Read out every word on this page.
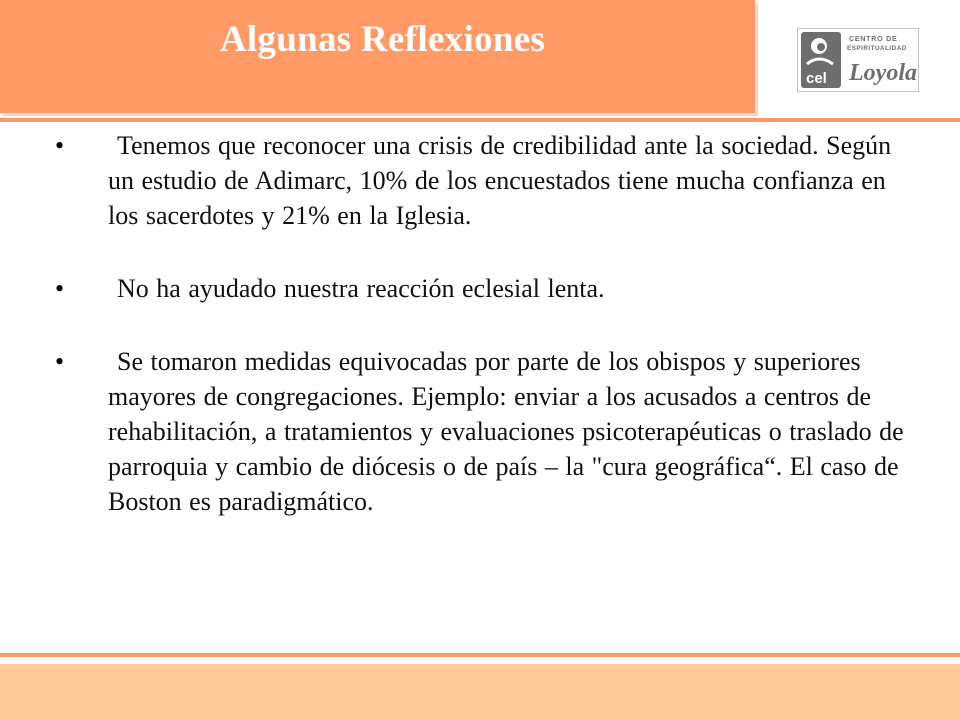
Algunas Reflexiones
cel
CENTRO DE
ESPIRITUALIDAD
Loyola
•	Tenemos que reconocer una crisis de credibilidad ante la sociedad. Según un estudio de Adimarc, 10% de los encuestados tiene mucha confianza en los sacerdotes y 21% en la Iglesia.
•	No ha ayudado nuestra reacción eclesial lenta.
•	Se tomaron medidas equivocadas por parte de los obispos y superiores mayores de congregaciones. Ejemplo: enviar a los acusados a centros de rehabilitación, a tratamientos y evaluaciones psicoterapéuticas o traslado de parroquia y cambio de diócesis o de país – la "cura geográfica“. El caso de Boston es paradigmático.
